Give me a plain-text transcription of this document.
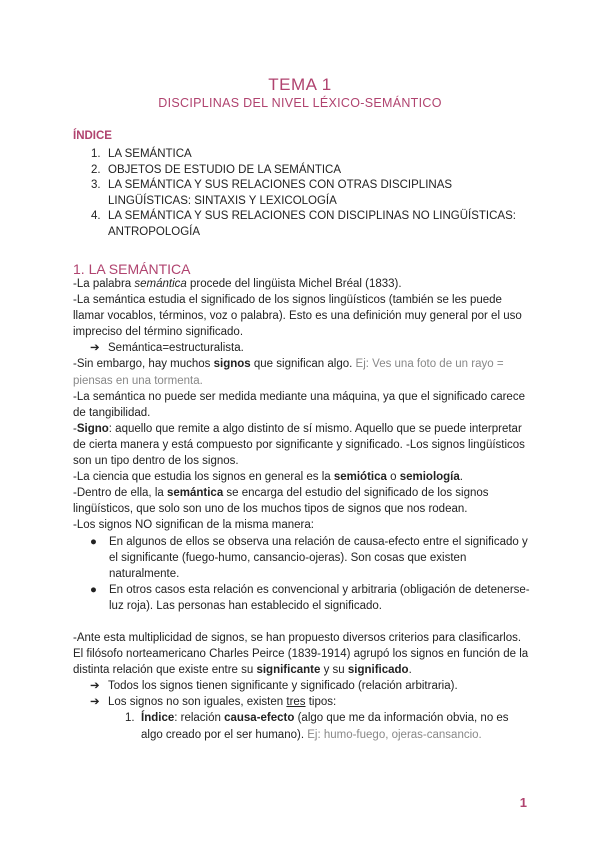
TEMA 1
DISCIPLINAS DEL NIVEL LÉXICO-SEMÁNTICO
ÍNDICE
1. LA SEMÁNTICA
2. OBJETOS DE ESTUDIO DE LA SEMÁNTICA
3. LA SEMÁNTICA Y SUS RELACIONES CON OTRAS DISCIPLINAS LINGÜÍSTICAS: SINTAXIS Y LEXICOLOGÍA
4. LA SEMÁNTICA Y SUS RELACIONES CON DISCIPLINAS NO LINGÜÍSTICAS: ANTROPOLOGÍA
1. LA SEMÁNTICA

-La palabra semántica procede del lingüista Michel Bréal (1833).

-La semántica estudia el significado de los signos lingüísticos (también se les puede llamar vocablos, términos, voz o palabra). Esto es una definición muy general por el uso impreciso del término significado.

➔ Semántica=estructuralista.

-Sin embargo, hay muchos signos que significan algo. Ej: Ves una foto de un rayo = piensas en una tormenta.

-La semántica no puede ser medida mediante una máquina, ya que el significado carece de tangibilidad.

-Signo: aquello que remite a algo distinto de sí mismo. Aquello que se puede interpretar de cierta manera y está compuesto por significante y significado. -Los signos lingüísticos son un tipo dentro de los signos.

-La ciencia que estudia los signos en general es la semiótica o semiología.

-Dentro de ella, la semántica se encarga del estudio del significado de los signos lingüísticos, que solo son uno de los muchos tipos de signos que nos rodean.

-Los signos NO significan de la misma manera:

● En algunos de ellos se observa una relación de causa-efecto entre el significado y el significante (fuego-humo, cansancio-ojeras). Son cosas que existen naturalmente.

● En otros casos esta relación es convencional y arbitraria (obligación de detenerse-luz roja). Las personas han establecido el significado.

-Ante esta multiplicidad de signos, se han propuesto diversos criterios para clasificarlos. El filósofo norteamericano Charles Peirce (1839-1914) agrupó los signos en función de la distinta relación que existe entre su significante y su significado.

➔ Todos los signos tienen significante y significado (relación arbitraria).

➔ Los signos no son iguales, existen tres tipos:

1. Índice: relación causa-efecto (algo que me da información obvia, no es algo creado por el ser humano). Ej: humo-fuego, ojeras-cansancio.

1
